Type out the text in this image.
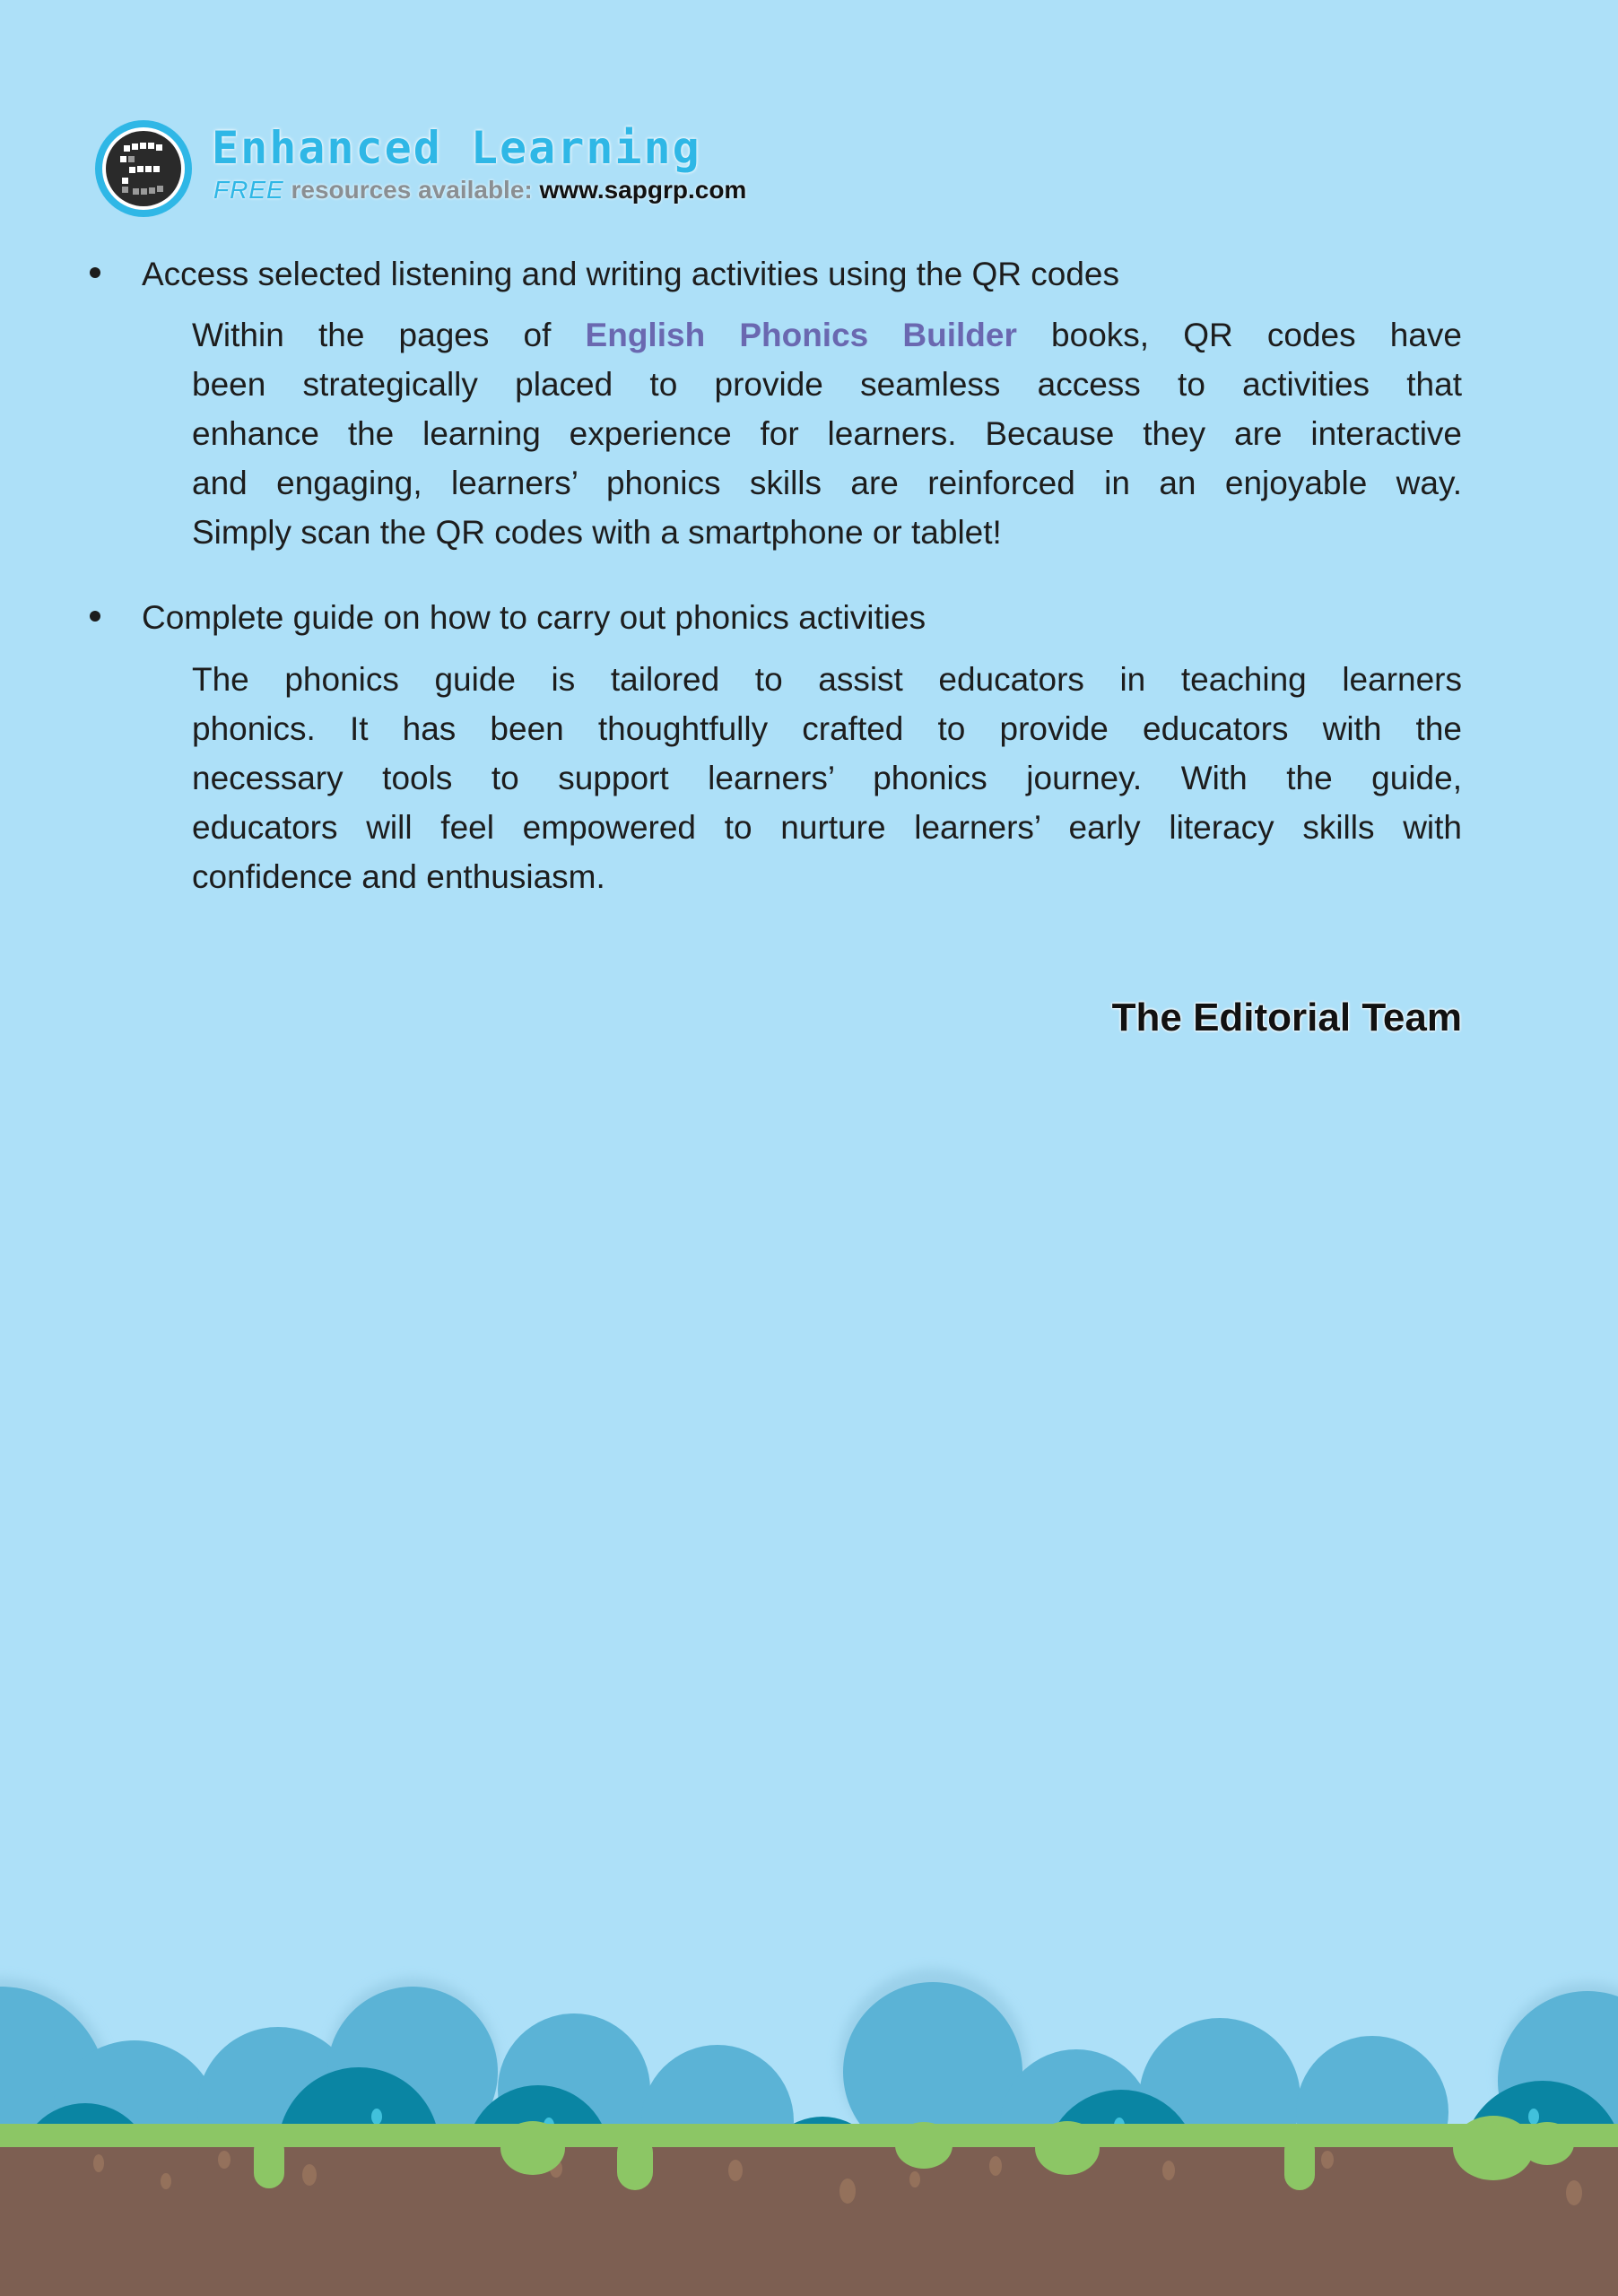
Enhanced Learning
FREE resources available: www.sapgrp.com
Access selected listening and writing activities using the QR codes
Within the pages of English Phonics Builder books, QR codes have
been strategically placed to provide seamless access to activities that
enhance the learning experience for learners. Because they are interactive
and engaging, learners’ phonics skills are reinforced in an enjoyable way.
Simply scan the QR codes with a smartphone or tablet!
Complete guide on how to carry out phonics activities
The phonics guide is tailored to assist educators in teaching learners
phonics. It has been thoughtfully crafted to provide educators with the
necessary tools to support learners’ phonics journey. With the guide,
educators will feel empowered to nurture learners’ early literacy skills with
confidence and enthusiasm.
The Editorial Team
